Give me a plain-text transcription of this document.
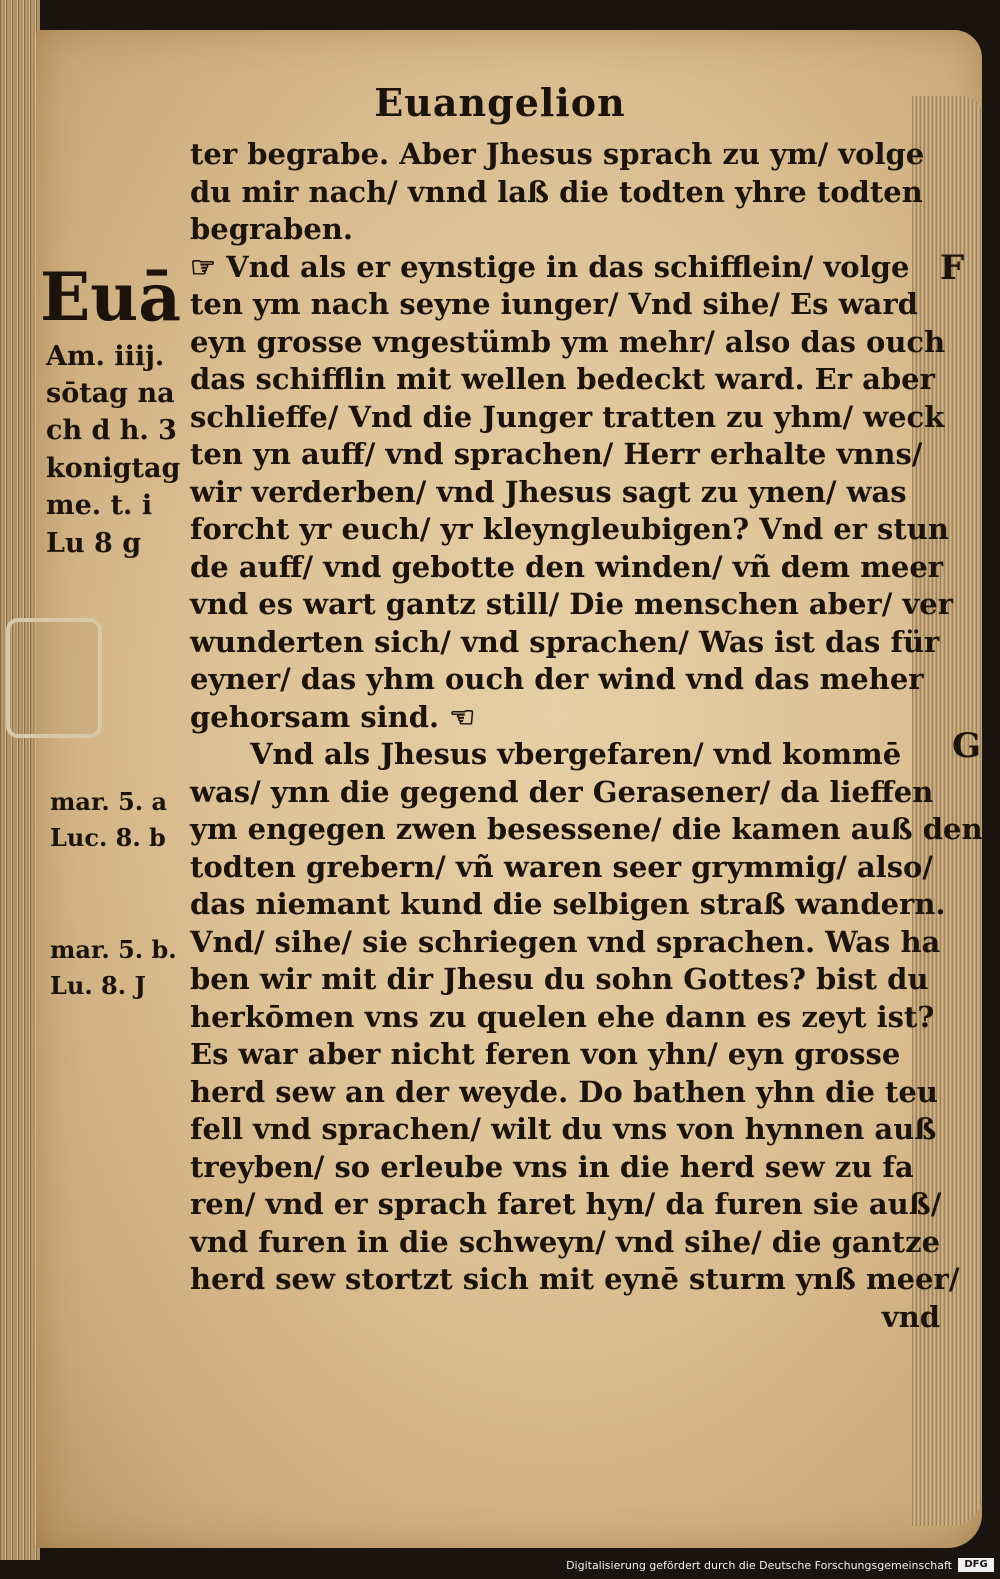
Euangelion
ter begrabe. Aber Jhesus sprach zu ym/ volge
du mir nach/ vnnd laß die todten yhre todten
begraben.
☞ Vnd als er eynstige in das schifflein/ volge
ten ym nach seyne iunger/ Vnd sihe/ Es ward
eyn grosse vngestümb ym mehr/ also das ouch
das schifflin mit wellen bedeckt ward. Er aber
schlieffe/ Vnd die Junger tratten zu yhm/ weck
ten yn auff/ vnd sprachen/ Herr erhalte vnns/
wir verderben/ vnd Jhesus sagt zu ynen/ was
forcht yr euch/ yr kleyngleubigen? Vnd er stun
de auff/ vnd gebotte den winden/ vñ dem meer
vnd es wart gantz still/ Die menschen aber/ ver
wunderten sich/ vnd sprachen/ Was ist das für
eyner/ das yhm ouch der wind vnd das meher
gehorsam sind. ☜
Vnd als Jhesus vbergefaren/ vnd kommē
was/ ynn die gegend der Gerasener/ da lieffen
ym engegen zwen besessene/ die kamen auß den
todten grebern/ vñ waren seer grymmig/ also/
das niemant kund die selbigen straß wandern.
Vnd/ sihe/ sie schriegen vnd sprachen. Was ha
ben wir mit dir Jhesu du sohn Gottes? bist du
herkōmen vns zu quelen ehe dann es zeyt ist?
Es war aber nicht feren von yhn/ eyn grosse
herd sew an der weyde. Do bathen yhn die teu
fell vnd sprachen/ wilt du vns von hynnen auß
treyben/ so erleube vns in die herd sew zu fa
ren/ vnd er sprach faret hyn/ da furen sie auß/
vnd furen in die schweyn/ vnd sihe/ die gantze
herd sew stortzt sich mit eynē sturm ynß meer/
vnd
Euā
Am. iiij.
sōtag na
ch d h. 3
konigtag
me. t. i
Lu 8 g
mar. 5. a
Luc. 8. b
mar. 5. b.
Lu. 8. J
F
G
Digitalisierung gefördert durch die Deutsche Forschungsgemeinschaft	DFG
